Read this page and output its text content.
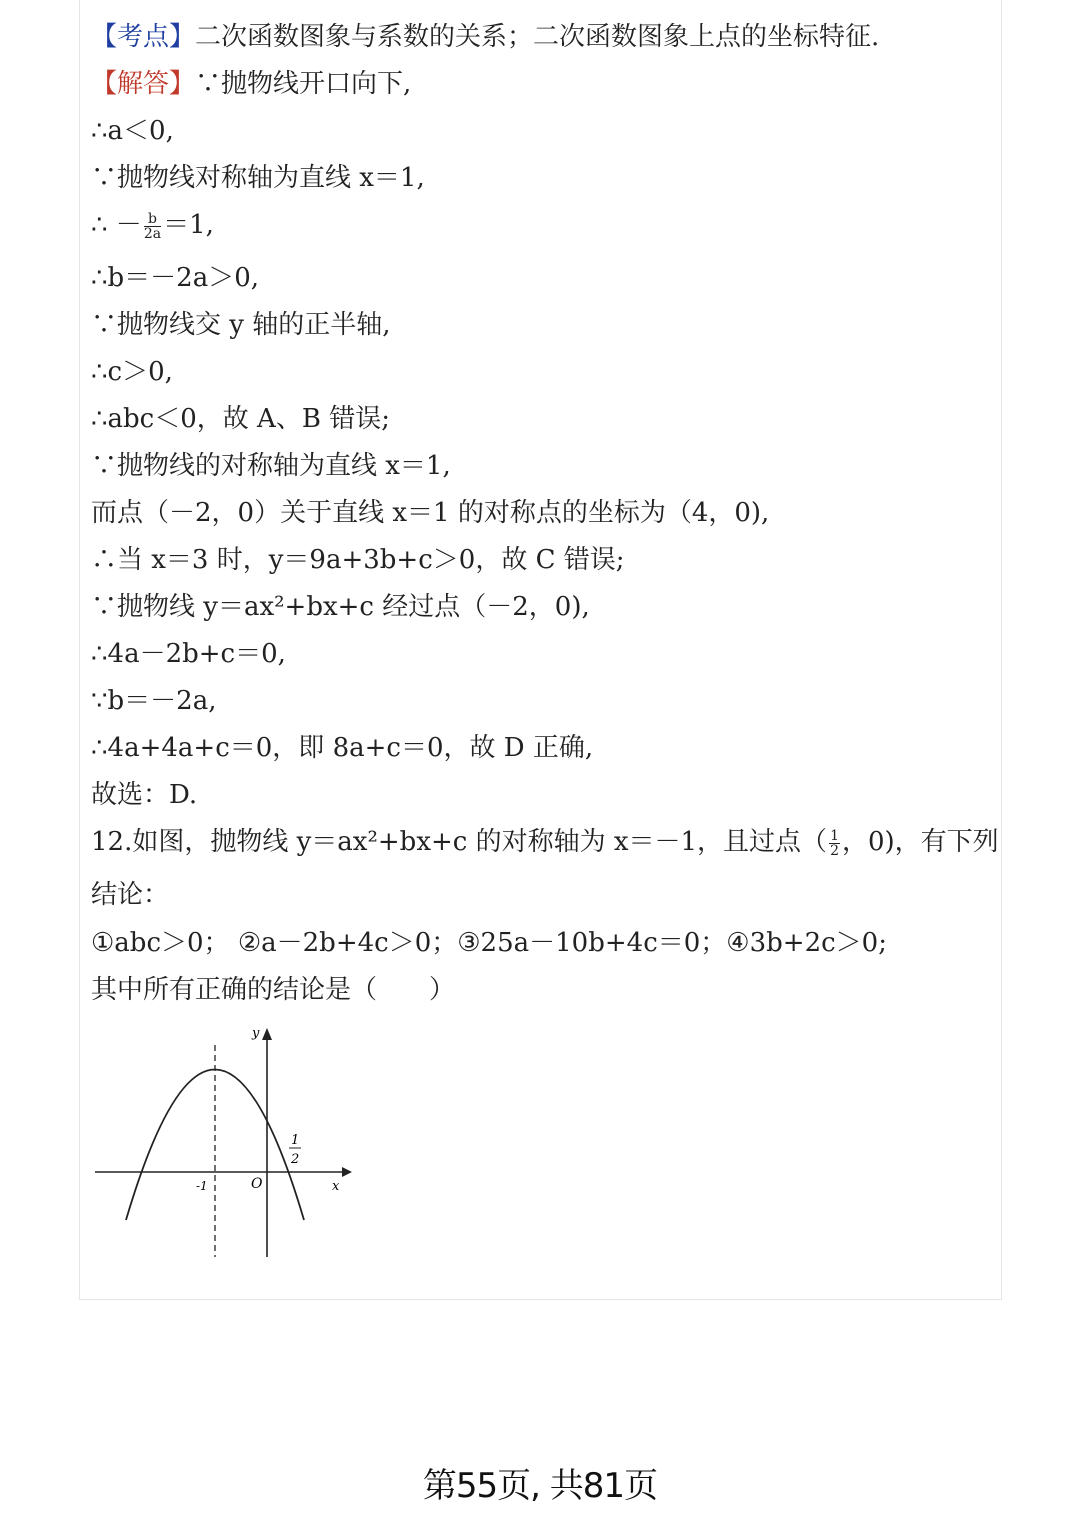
【考点】二次函数图象与系数的关系；二次函数图象上点的坐标特征.
【解答】∵抛物线开口向下,
∴a＜0,
∵抛物线对称轴为直线 x＝1,
∴ － $\frac{b}{2a} =1$,
∴b＝－2a＞0,
∵抛物线交 y 轴的正半轴,
∴c＞0,
∴abc＜0，故 A、B 错误;
∵抛物线的对称轴为直线 x＝1,
而点（－2，0）关于直线 x＝1 的对称点的坐标为（4，0),
∴当 x＝3 时，y＝9a+3b+c＞0，故 C 错误;
∵抛物线 y＝ax²+bx+c 经过点（－2，0),
∴4a－2b+c＝0,
∵b＝－2a,
∴4a+4a+c＝0，即 8a+c＝0，故 D 正确,
故选：D.
12.如图，抛物线 y＝ax²+bx+c 的对称轴为 x＝－1，且过点（ $\frac{1}{2}$ ，0)，有下列
结论：
①abc＞0； ②a－2b+4c＞0；③25a－10b+4c＝0；④3b+2c＞0;
其中所有正确的结论是（　　）
y
x
O
-1
1
2
第55页, 共81页
